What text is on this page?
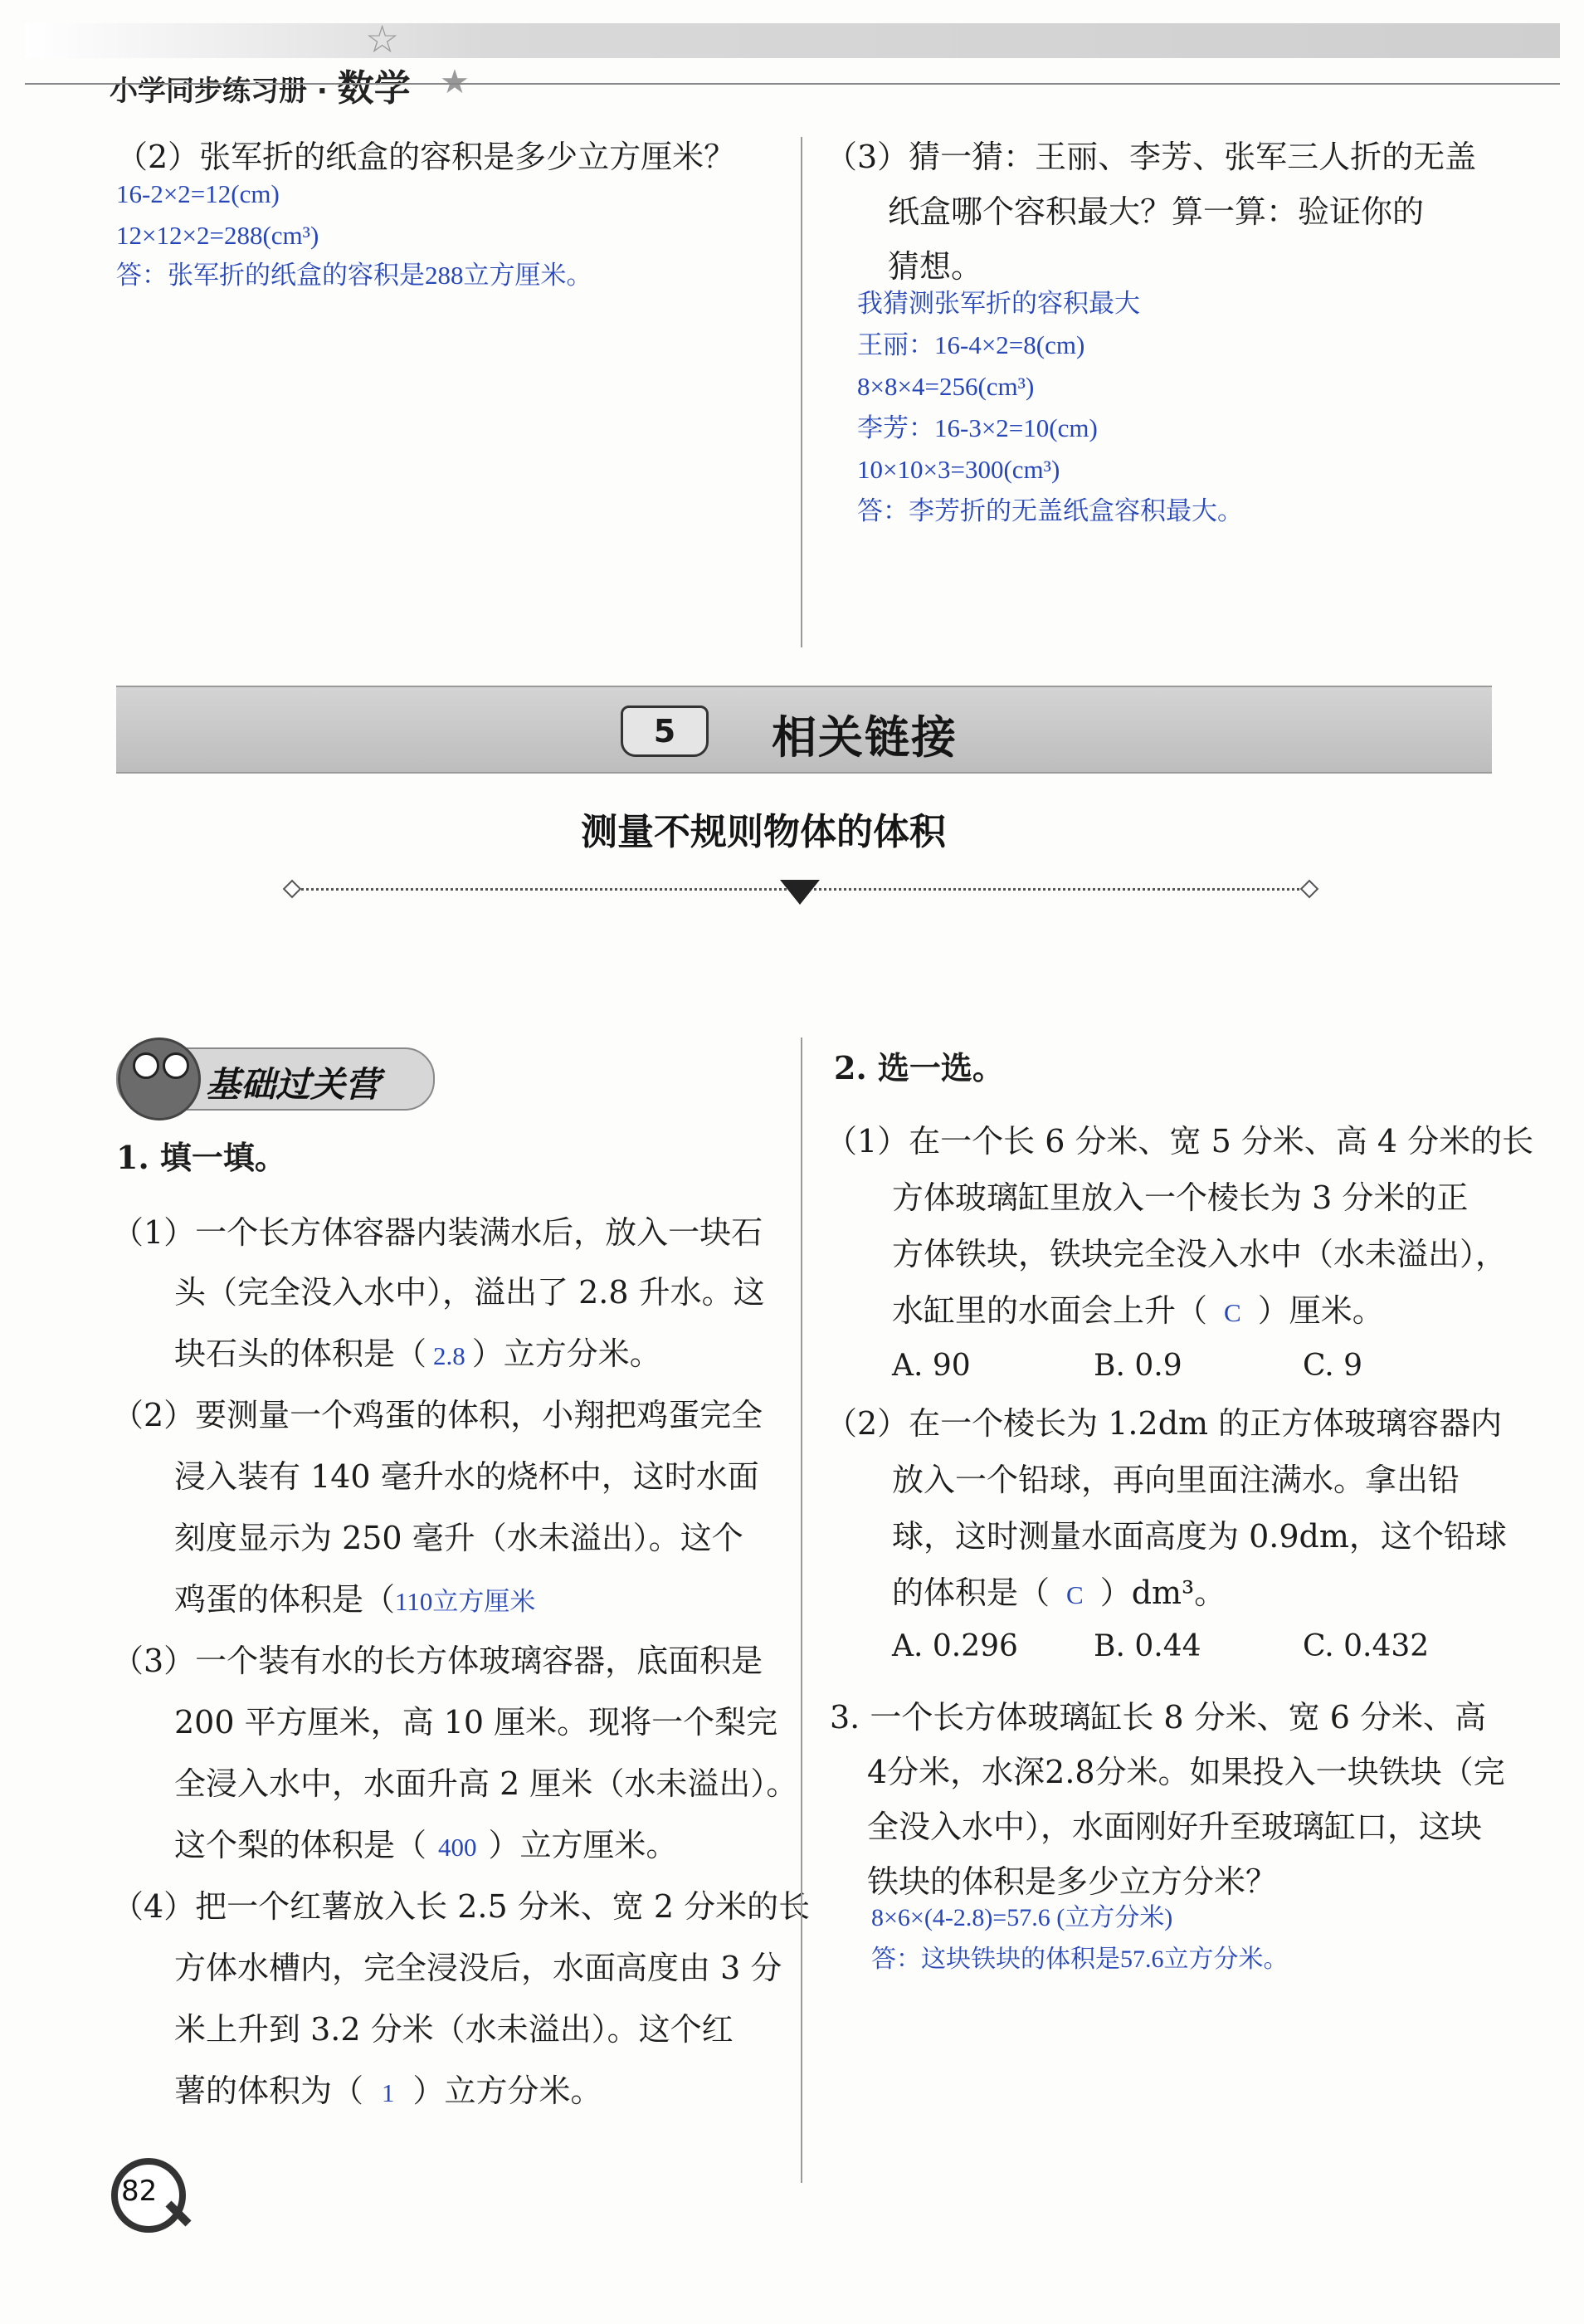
☆
小学同步练习册 · 数学 ★
（2）张军折的纸盒的容积是多少立方厘米？
16-2×2=12(cm)
12×12×2=288(cm³)
答：张军折的纸盒的容积是288立方厘米。
（3）猜一猜：王丽、李芳、张军三人折的无盖
纸盒哪个容积最大？算一算：验证你的
猜想。
我猜测张军折的容积最大
王丽：16-4×2=8(cm)
8×8×4=256(cm³)
李芳：16-3×2=10(cm)
10×10×3=300(cm³)
答：李芳折的无盖纸盒容积最大。
5	相关链接
测量不规则物体的体积
基础过关营
1. 填一填。
（1）一个长方体容器内装满水后，放入一块石
头（完全没入水中），溢出了 2.8 升水。这
块石头的体积是（ 2.8 ）立方分米。
（2）要测量一个鸡蛋的体积，小翔把鸡蛋完全
浸入装有 140 毫升水的烧杯中，这时水面
刻度显示为 250 毫升（水未溢出）。这个
鸡蛋的体积是（110立方厘米
（3）一个装有水的长方体玻璃容器，底面积是
200 平方厘米，高 10 厘米。现将一个梨完
全浸入水中，水面升高 2 厘米（水未溢出）。
这个梨的体积是（ 400 ）立方厘米。
（4）把一个红薯放入长 2.5 分米、宽 2 分米的长
方体水槽内，完全浸没后，水面高度由 3 分
米上升到 3.2 分米（水未溢出）。这个红
薯的体积为（ 1 ）立方分米。
2. 选一选。
（1）在一个长 6 分米、宽 5 分米、高 4 分米的长
方体玻璃缸里放入一个棱长为 3 分米的正
方体铁块，铁块完全没入水中（水未溢出），
水缸里的水面会上升（ C ）厘米。
A. 90	B. 0.9	C. 9
（2）在一个棱长为 1.2dm 的正方体玻璃容器内
放入一个铅球，再向里面注满水。拿出铅
球，这时测量水面高度为 0.9dm，这个铅球
的体积是（ C ）dm³。
A. 0.296	B. 0.44	C. 0.432
3. 一个长方体玻璃缸长 8 分米、宽 6 分米、高
4分米，水深2.8分米。如果投入一块铁块（完
全没入水中），水面刚好升至玻璃缸口，这块
铁块的体积是多少立方分米？
8×6×(4-2.8)=57.6 (立方分米)
答：这块铁块的体积是57.6立方分米。
82
